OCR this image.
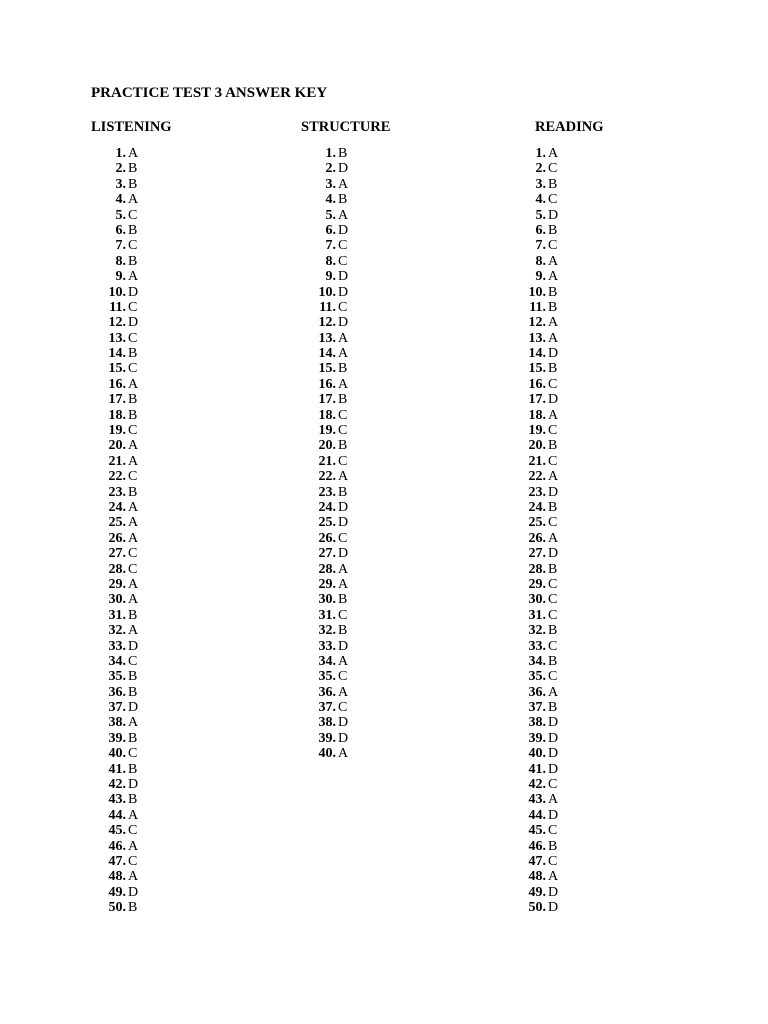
PRACTICE TEST 3 ANSWER KEY
LISTENING	STRUCTURE	READING
1. A
2. B
3. B
4. A
5. C
6. B
7. C
8. B
9. A
10. D
11. C
12. D
13. C
14. B
15. C
16. A
17. B
18. B
19. C
20. A
21. A
22. C
23. B
24. A
25. A
26. A
27. C
28. C
29. A
30. A
31. B
32. A
33. D
34. C
35. B
36. B
37. D
38. A
39. B
40. C
41. B
42. D
43. B
44. A
45. C
46. A
47. C
48. A
49. D
50. B
1. B
2. D
3. A
4. B
5. A
6. D
7. C
8. C
9. D
10. D
11. C
12. D
13. A
14. A
15. B
16. A
17. B
18. C
19. C
20. B
21. C
22. A
23. B
24. D
25. D
26. C
27. D
28. A
29. A
30. B
31. C
32. B
33. D
34. A
35. C
36. A
37. C
38. D
39. D
40. A
1. A
2. C
3. B
4. C
5. D
6. B
7. C
8. A
9. A
10. B
11. B
12. A
13. A
14. D
15. B
16. C
17. D
18. A
19. C
20. B
21. C
22. A
23. D
24. B
25. C
26. A
27. D
28. B
29. C
30. C
31. C
32. B
33. C
34. B
35. C
36. A
37. B
38. D
39. D
40. D
41. D
42. C
43. A
44. D
45. C
46. B
47. C
48. A
49. D
50. D
